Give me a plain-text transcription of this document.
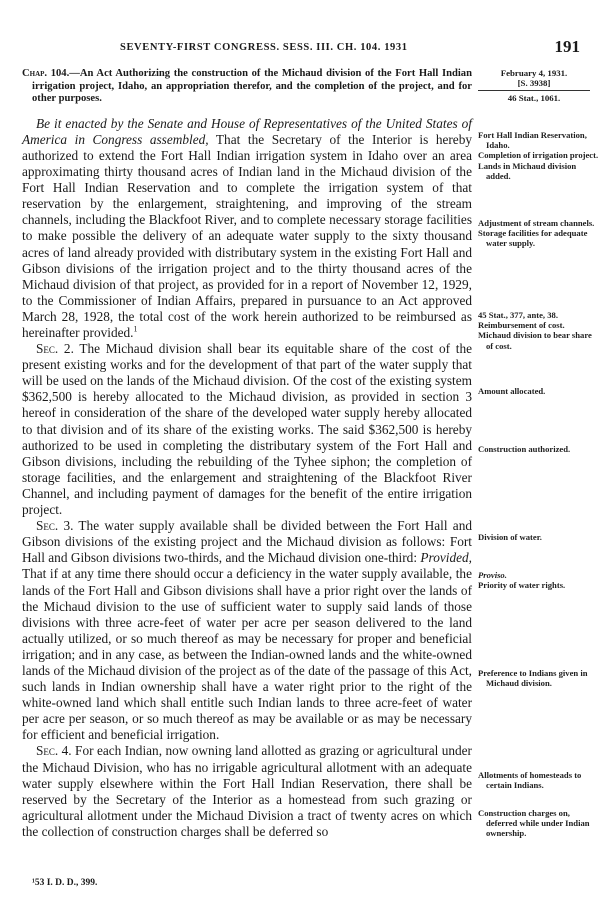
SEVENTY-FIRST CONGRESS. SESS. III. CH. 104. 1931	191

Chap. 104.—An Act Authorizing the construction of the Michaud division of the Fort Hall Indian irrigation project, Idaho, an appropriation therefor, and the completion of the project, and for other purposes.

Be it enacted by the Senate and House of Representatives of the United States of America in Congress assembled, That the Secretary of the Interior is hereby authorized to extend the Fort Hall Indian irrigation system in Idaho over an area approximating thirty thousand acres of Indian land in the Michaud division of the Fort Hall Indian Reservation and to complete the irrigation system of that reservation by the enlargement, straightening, and improving of the stream channels, including the Blackfoot River, and to complete necessary storage facilities to make possible the delivery of an adequate water supply to the sixty thousand acres of land already provided with distributary system in the existing Fort Hall and Gibson divisions of the irrigation project and to the thirty thousand acres of the Michaud division of that project, as provided for in a report of November 12, 1929, to the Commissioner of Indian Affairs, prepared in pursuance to an Act approved March 28, 1928, the total cost of the work herein authorized to be reimbursed as hereinafter provided.$^1$

Sec. 2. The Michaud division shall bear its equitable share of the cost of the present existing works and for the development of that part of the water supply that will be used on the lands of the Michaud division. Of the cost of the existing system $362,500 is hereby allocated to the Michaud division, as provided in section 3 hereof in consideration of the share of the developed water supply hereby allocated to that division and of its share of the existing works. The said $362,500 is hereby authorized to be used in completing the distributary system of the Fort Hall and Gibson divisions, including the rebuilding of the Tyhee siphon; the completion of storage facilities, and the enlargement and straightening of the Blackfoot River Channel, and including payment of damages for the benefit of the entire irrigation project.

Sec. 3. The water supply available shall be divided between the Fort Hall and Gibson divisions of the existing project and the Michaud division as follows: Fort Hall and Gibson divisions two-thirds, and the Michaud division one-third: Provided, That if at any time there should occur a deficiency in the water supply available, the lands of the Fort Hall and Gibson divisions shall have a prior right over the lands of the Michaud division to the use of sufficient water to supply said lands of those divisions with three acre-feet of water per acre per season delivered to the land actually utilized, or so much thereof as may be necessary for proper and beneficial irrigation; and in any case, as between the Indian-owned lands and the white-owned lands of the Michaud division of the project as of the date of the passage of this Act, such lands in Indian ownership shall have a water right prior to the right of the white-owned land which shall entitle such Indian lands to three acre-feet of water per acre per season, or so much thereof as may be available or as may be necessary for efficient and beneficial irrigation.

Sec. 4. For each Indian, now owning land allotted as grazing or agricultural under the Michaud Division, who has no irrigable agricultural allotment with an adequate water supply elsewhere within the Fort Hall Indian Reservation, there shall be reserved by the Secretary of the Interior as a homestead from such grazing or agricultural allotment under the Michaud Division a tract of twenty acres on which the collection of construction charges shall be deferred so

February 4, 1931.
[S. 3938]
46 Stat., 1061.
Fort Hall Indian Reservation, Idaho.
Completion of irrigation project.
Lands in Michaud division added.
Adjustment of stream channels.
Storage facilities for adequate water supply.
45 Stat., 377, ante, 38.
Reimbursement of cost.
Michaud division to bear share of cost.
Amount allocated.
Construction authorized.
Division of water.
Proviso.
Priority of water rights.
Preference to Indians given in Michaud division.
Allotments of homesteads to certain Indians.
Construction charges on, deferred while under Indian ownership.
¹53 I. D. D., 399.
